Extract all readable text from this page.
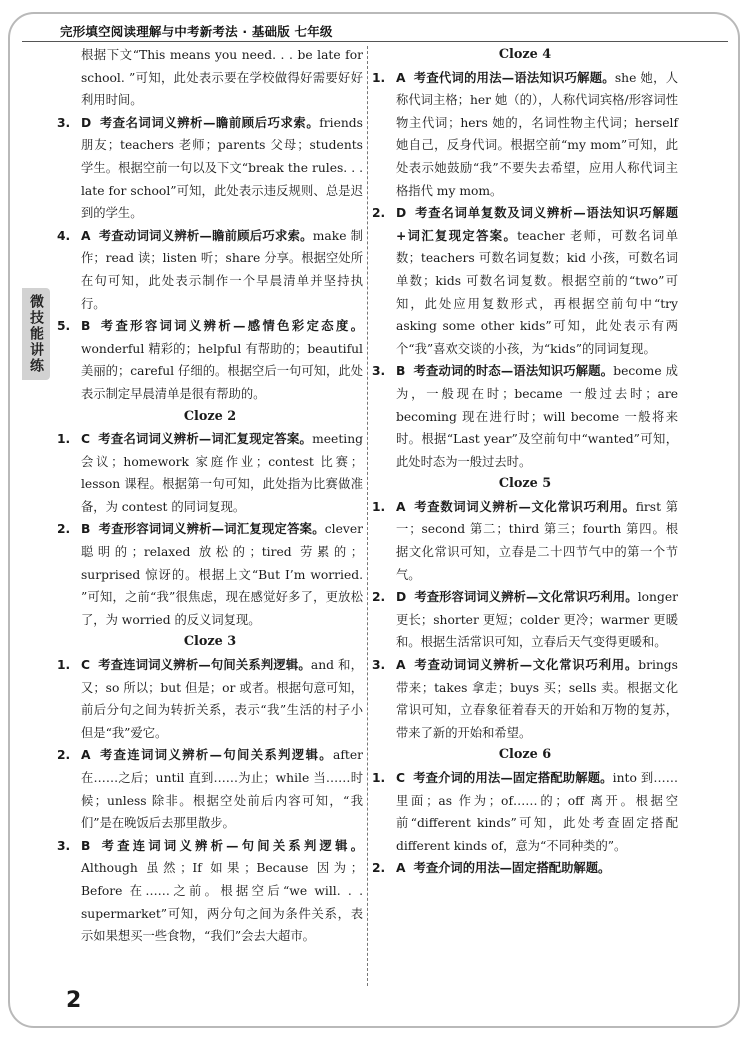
完形填空阅读理解与中考新考法 · 基础版 七年级
微技能讲练
根据下文“This means you need. . . be late for school. ”可知，此处表示要在学校做得好需要好好利用时间。
3. D 考查名词词义辨析—瞻前顾后巧求索。friends 朋友；teachers 老师；parents 父母；students 学生。根据空前一句以及下文“break the rules. . . late for school”可知，此处表示违反规则、总是迟到的学生。
4. A 考查动词词义辨析—瞻前顾后巧求索。make 制作；read 读；listen 听；share 分享。根据空处所在句可知，此处表示制作一个早晨清单并坚持执行。
5. B 考查形容词词义辨析—感情色彩定态度。wonderful 精彩的；helpful 有帮助的；beautiful 美丽的；careful 仔细的。根据空后一句可知，此处表示制定早晨清单是很有帮助的。
Cloze 2
1. C 考查名词词义辨析—词汇复现定答案。meeting 会议；homework 家庭作业；contest 比赛；lesson 课程。根据第一句可知，此处指为比赛做准备，为 contest 的同词复现。
2. B 考查形容词词义辨析—词汇复现定答案。clever 聪明的；relaxed 放松的；tired 劳累的；surprised 惊讶的。根据上文“But I’m worried. ”可知，之前“我”很焦虑，现在感觉好多了，更放松了，为 worried 的反义词复现。
Cloze 3
1. C 考查连词词义辨析—句间关系判逻辑。and 和，又；so 所以；but 但是；or 或者。根据句意可知，前后分句之间为转折关系，表示“我”生活的村子小但是“我”爱它。
2. A 考查连词词义辨析—句间关系判逻辑。after 在……之后；until 直到……为止；while 当……时候；unless 除非。根据空处前后内容可知，“我们”是在晚饭后去那里散步。
3. B 考查连词词义辨析—句间关系判逻辑。Although 虽然；If 如果；Because 因为；Before 在……之前。根据空后“we will. . . supermarket”可知，两分句之间为条件关系，表示如果想买一些食物，“我们”会去大超市。
Cloze 4
1. A 考查代词的用法—语法知识巧解题。she 她，人称代词主格；her 她（的），人称代词宾格/形容词性物主代词；hers 她的，名词性物主代词；herself 她自己，反身代词。根据空前“my mom”可知，此处表示她鼓励“我”不要失去希望，应用人称代词主格指代 my mom。
2. D 考查名词单复数及词义辨析—语法知识巧解题+词汇复现定答案。teacher 老师，可数名词单数；teachers 可数名词复数；kid 小孩，可数名词单数；kids 可数名词复数。根据空前的“two”可知，此处应用复数形式，再根据空前句中“try asking some other kids”可知，此处表示有两个“我”喜欢交谈的小孩，为“kids”的同词复现。
3. B 考查动词的时态—语法知识巧解题。become 成为，一般现在时；became 一般过去时；are becoming 现在进行时；will become 一般将来时。根据“Last year”及空前句中“wanted”可知，此处时态为一般过去时。
Cloze 5
1. A 考查数词词义辨析—文化常识巧利用。first 第一；second 第二；third 第三；fourth 第四。根据文化常识可知，立春是二十四节气中的第一个节气。
2. D 考查形容词词义辨析—文化常识巧利用。longer 更长；shorter 更短；colder 更冷；warmer 更暖和。根据生活常识可知，立春后天气变得更暖和。
3. A 考查动词词义辨析—文化常识巧利用。brings 带来；takes 拿走；buys 买；sells 卖。根据文化常识可知，立春象征着春天的开始和万物的复苏，带来了新的开始和希望。
Cloze 6
1. C 考查介词的用法—固定搭配助解题。into 到……里面；as 作为；of……的；off 离开。根据空前“different kinds”可知，此处考查固定搭配 different kinds of，意为“不同种类的”。
2. A 考查介词的用法—固定搭配助解题。
2
